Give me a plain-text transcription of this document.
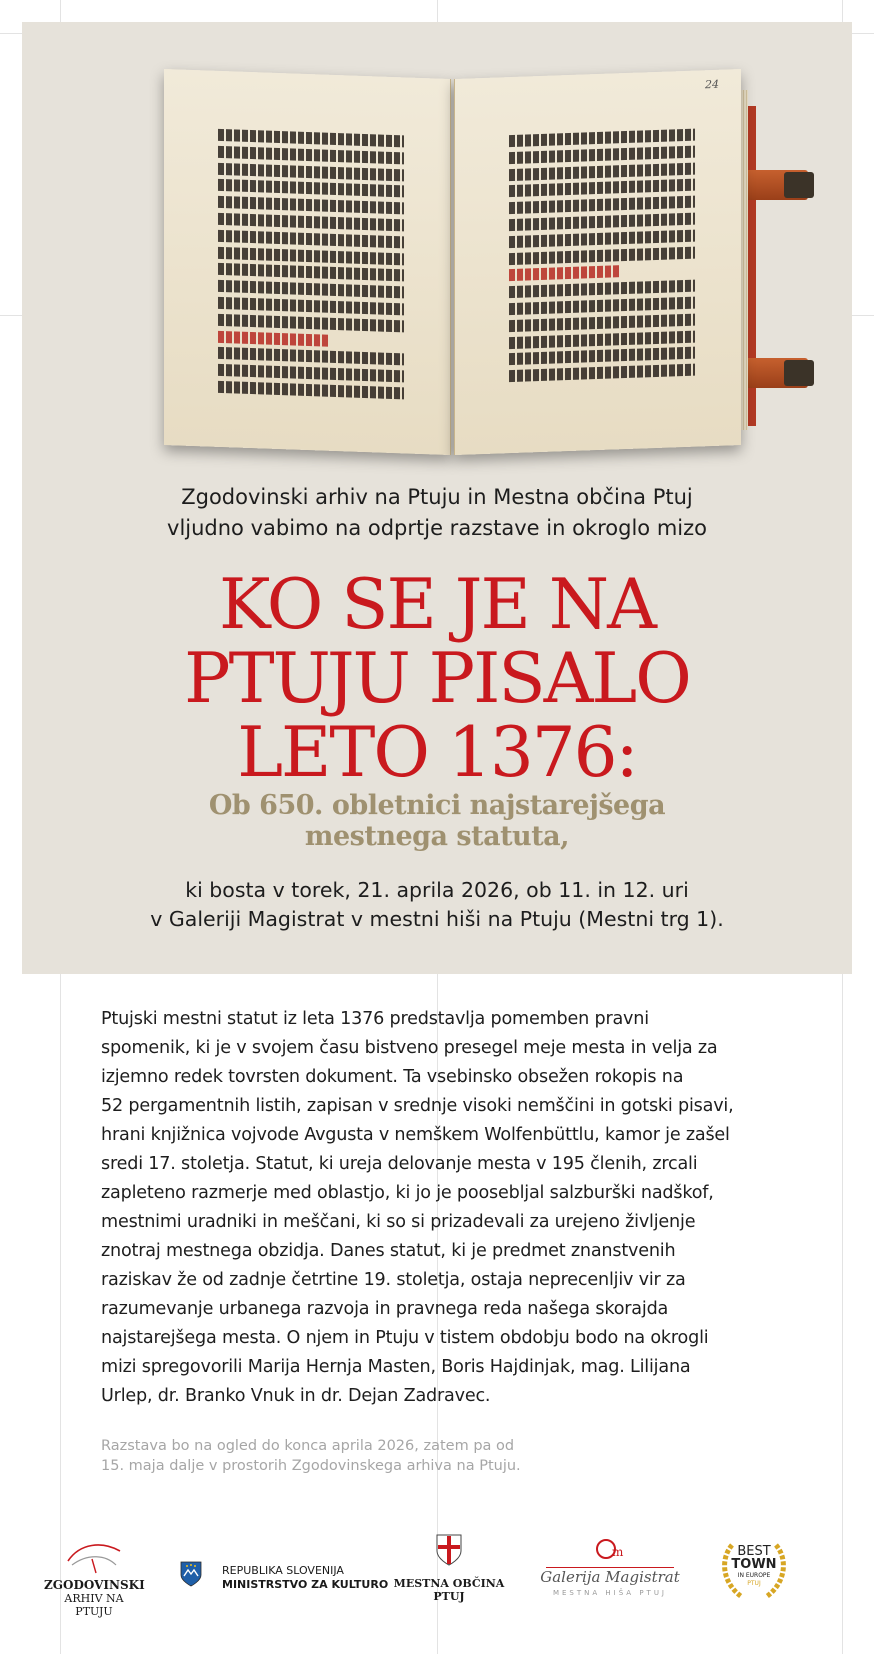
24
Zgodovinski arhiv na Ptuju in Mestna občina Ptuj
vljudno vabimo na odprtje razstave in okroglo mizo
KO SE JE NA
PTUJU PISALO
LETO 1376:
Ob 650. obletnici najstarejšega
mestnega statuta,
ki bosta v torek, 21. aprila 2026, ob 11. in 12. uri
v Galeriji Magistrat v mestni hiši na Ptuju (Mestni trg 1).
Ptujski mestni statut iz leta 1376 predstavlja pomemben pravni
spomenik, ki je v svojem času bistveno presegel meje mesta in velja za
izjemno redek tovrsten dokument. Ta vsebinsko obsežen rokopis na
52 pergamentnih listih, zapisan v srednje visoki nemščini in gotski pisavi,
hrani knjižnica vojvode Avgusta v nemškem Wolfenbüttlu, kamor je zašel
sredi 17. stoletja. Statut, ki ureja delovanje mesta v 195 členih, zrcali
zapleteno razmerje med oblastjo, ki jo je poosebljal salzburški nadškof,
mestnimi uradniki in meščani, ki so si prizadevali za urejeno življenje
znotraj mestnega obzidja. Danes statut, ki je predmet znanstvenih
raziskav že od zadnje četrtine 19. stoletja, ostaja neprecenljiv vir za
razumevanje urbanega razvoja in pravnega reda našega skorajda
najstarejšega mesta. O njem in Ptuju v tistem obdobju bodo na okrogli
mizi spregovorili Marija Hernja Masten, Boris Hajdinjak, mag. Lilijana
Urlep, dr. Branko Vnuk in dr. Dejan Zadravec.
Razstava bo na ogled do konca aprila 2026, zatem pa od
15. maja dalje v prostorih Zgodovinskega arhiva na Ptuju.
ZGODOVINSKI
ARHIV NA PTUJU
REPUBLIKA SLOVENIJA
MINISTRSTVO ZA KULTURO MESTNA OBČINA PTUJ
m
Galerija Magistrat
MESTNA HIŠA PTUJ
BEST
TOWN
IN EUROPE
PTUJ
